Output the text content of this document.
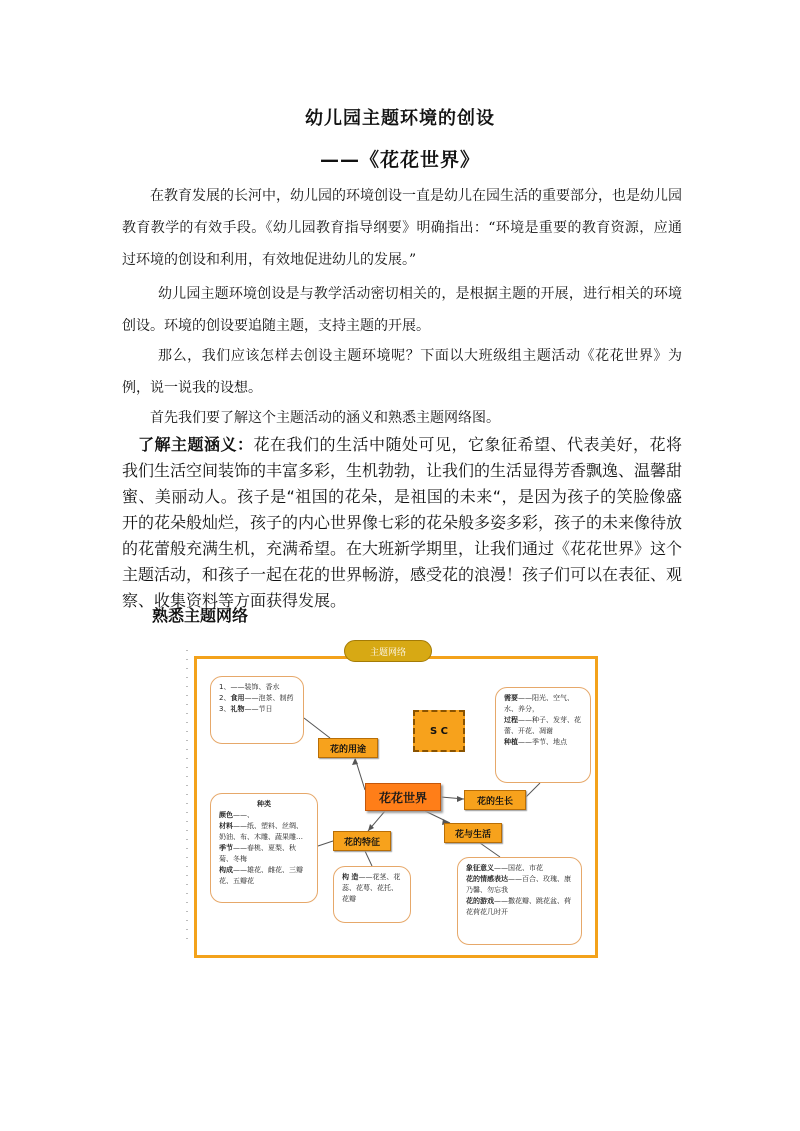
幼儿园主题环境的创设
——《花花世界》
在教育发展的长河中，幼儿园的环境创设一直是幼儿在园生活的重要部分，也是幼儿园教育教学的有效手段。《幼儿园教育指导纲要》明确指出：“环境是重要的教育资源，应通过环境的创设和利用，有效地促进幼儿的发展。”
幼儿园主题环境创设是与教学活动密切相关的，是根据主题的开展，进行相关的环境创设。环境的创设要追随主题，支持主题的开展。
那么，我们应该怎样去创设主题环境呢？下面以大班级组主题活动《花花世界》为例，说一说我的设想。
首先我们要了解这个主题活动的涵义和熟悉主题网络图。
了解主题涵义：花在我们的生活中随处可见，它象征希望、代表美好，花将我们生活空间装饰的丰富多彩，生机勃勃，让我们的生活显得芳香飘逸、温馨甜蜜、美丽动人。孩子是“祖国的花朵，是祖国的未来“，是因为孩子的笑脸像盛开的花朵般灿烂，孩子的内心世界像七彩的花朵般多姿多彩，孩子的未来像待放的花蕾般充满生机，充满希望。在大班新学期里，让我们通过《花花世界》这个主题活动，和孩子一起在花的世界畅游，感受花的浪漫！孩子们可以在表征、观察、收集资料等方面获得发展。
熟悉主题网络
主题网络
花花世界
S C
花的用途
花的生长
花的特征
花与生活
1、——装饰、香水
2、食用——泡茶、制药
3、礼物——节日
需要——阳光、空气、水、养分，
过程——种子、发芽、花蕾、开花、凋谢
种植——季节、地点
种类
颜色——、
材料——纸、塑料、丝绸、奶油、布、木雕、蔬果雕…
季节——春桃、夏梨、秋菊、冬梅
构成——雄花、雌花、三瓣花、五瓣花	构 造——花茎、花蕊、花萼、花托、花瓣
象征意义——国花、市花
花的情感表达——百合、玫瑰、康乃馨、勿忘我
花的游戏——撒花瓣、跳花盆、荷花荷花几时开
